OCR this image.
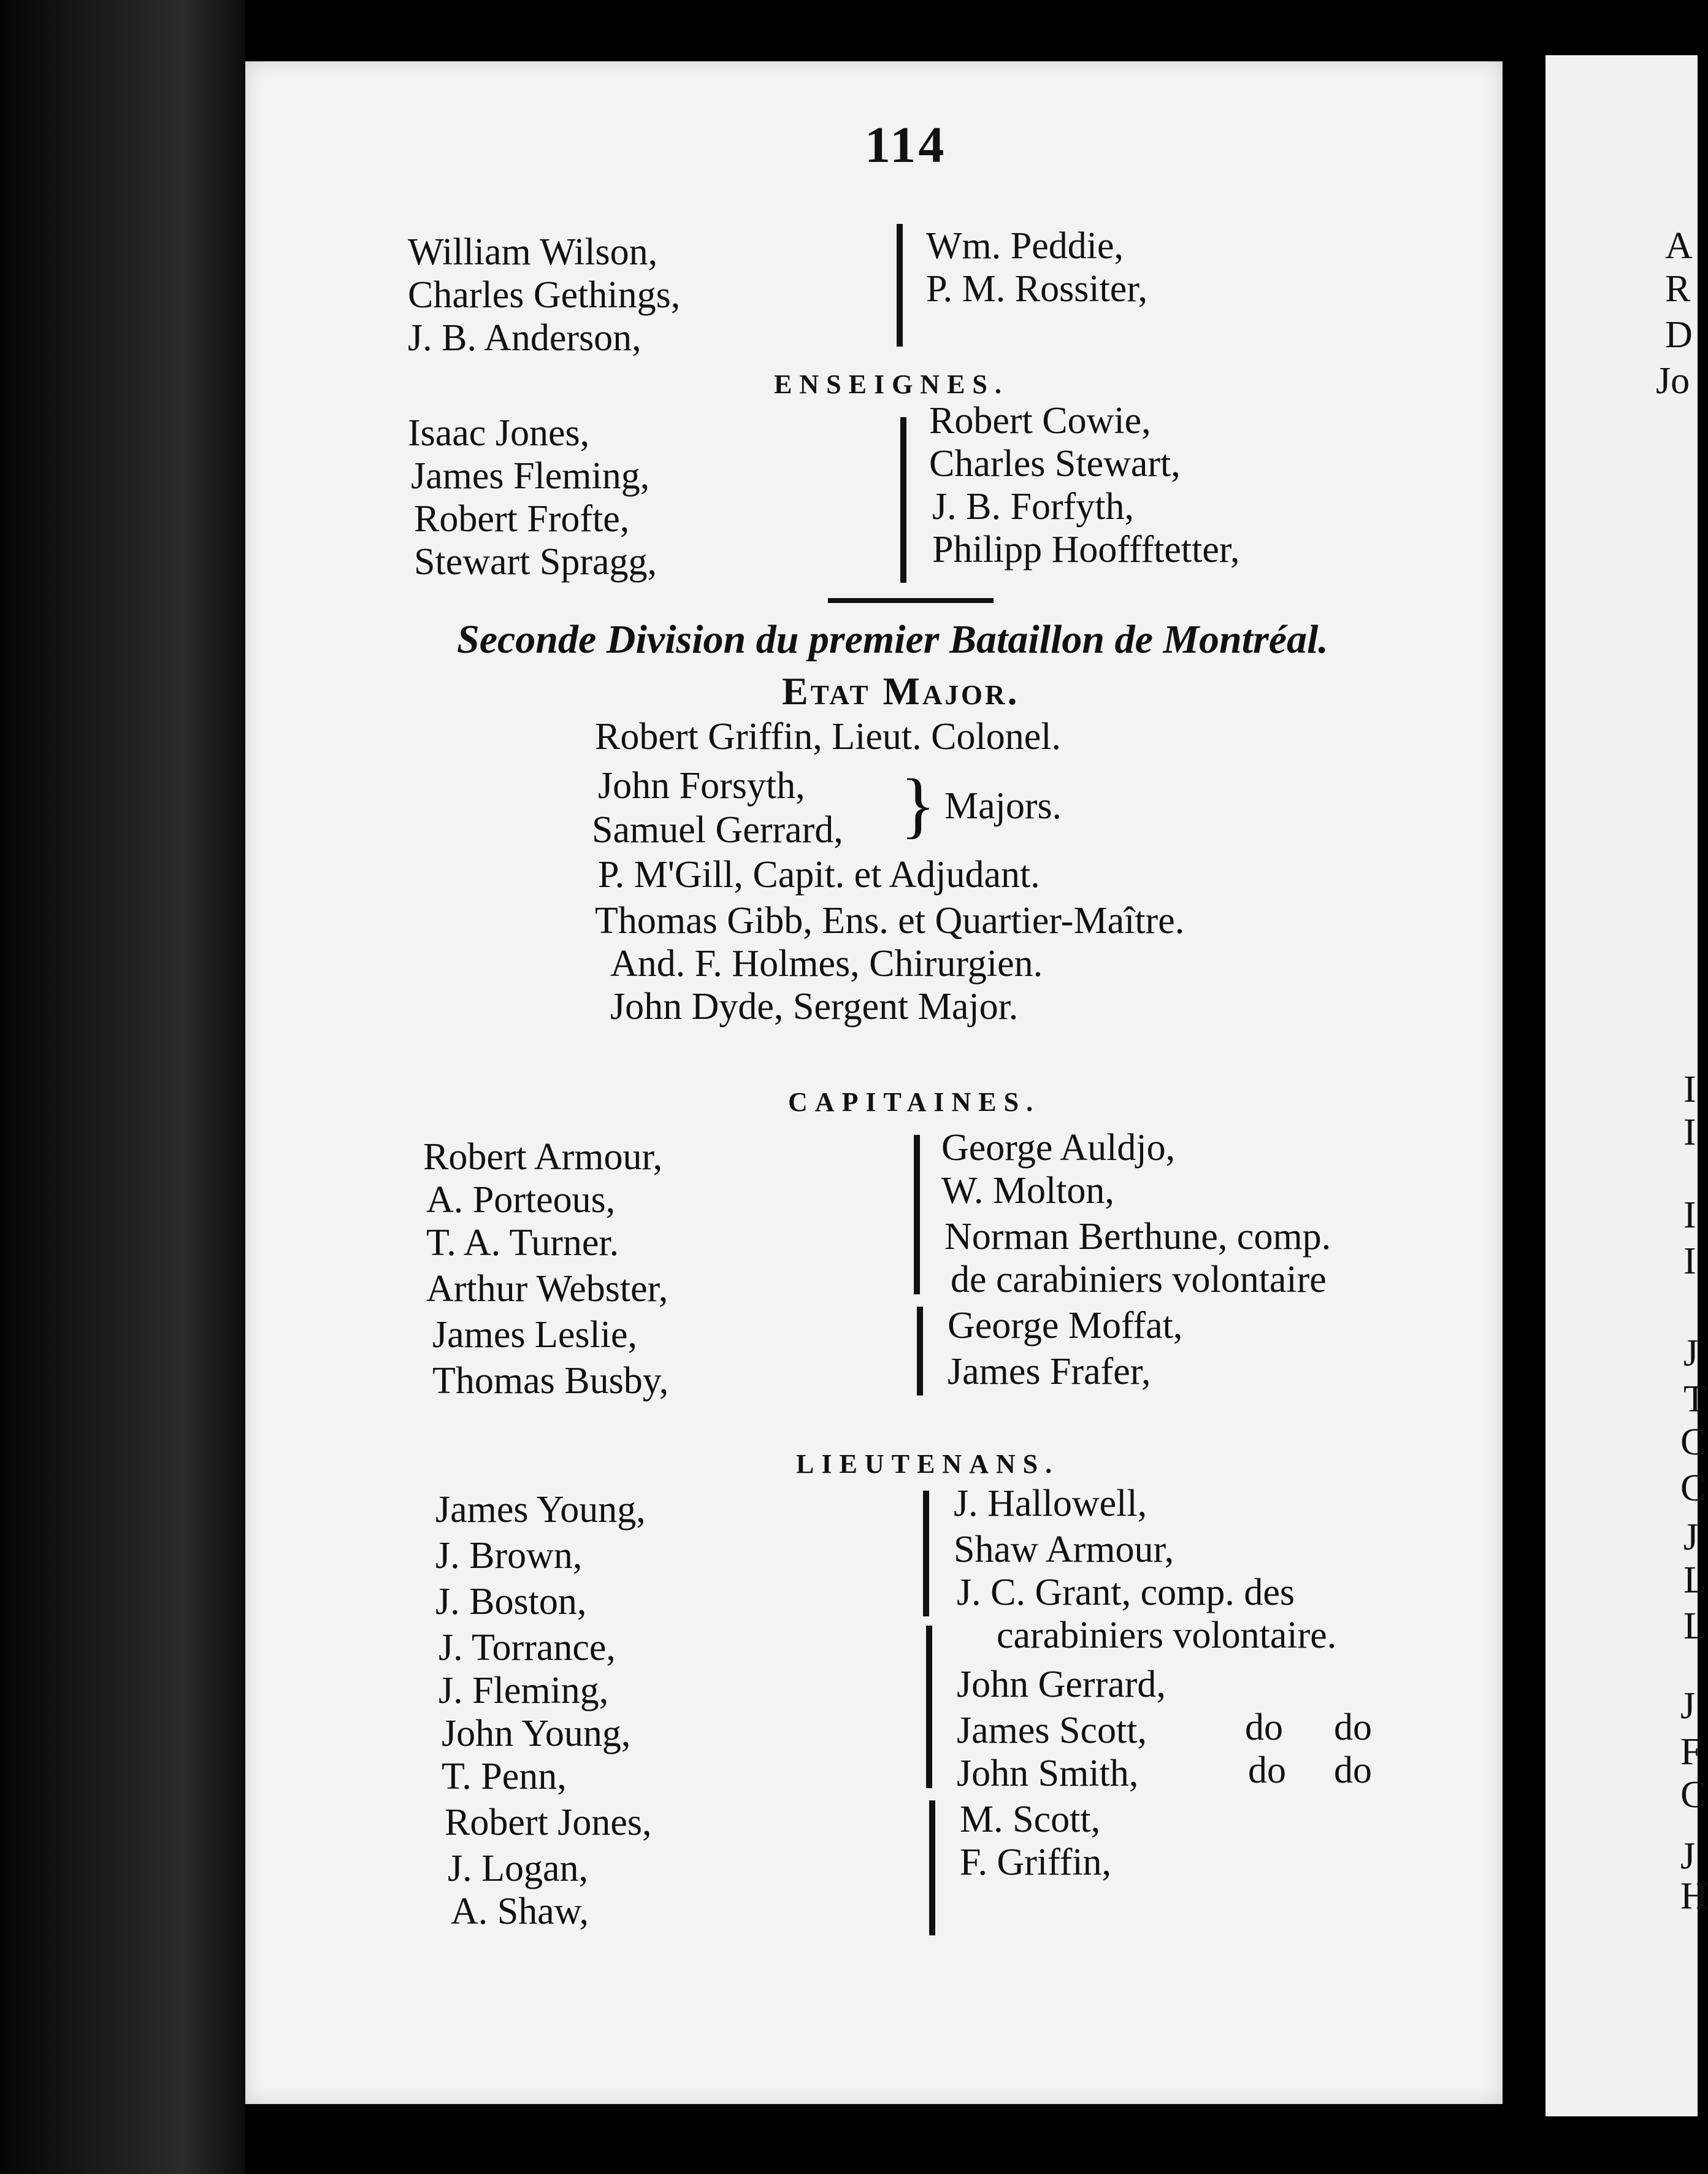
114
William Wilson,
Charles Gethings,
J. B. Anderson,
Wm. Peddie,
P. M. Rossiter,
ENSEIGNES.
Isaac Jones,
James Fleming,
Robert Frofte,
Stewart Spragg,
Robert Cowie,
Charles Stewart,
J. B. Forfyth,
Philipp Hooffftetter,
Seconde Division du premier Bataillon de Montréal.
Etat Major.
Robert Griffin, Lieut. Colonel.
John Forsyth,
Samuel Gerrard, } Majors.
P. M'Gill, Capit. et Adjudant.
Thomas Gibb, Ens. et Quartier-Maître.
And. F. Holmes, Chirurgien.
John Dyde, Sergent Major.
CAPITAINES.
Robert Armour,
A. Porteous,
T. A. Turner.
Arthur Webster,
James Leslie,
Thomas Busby,
George Auldjo,
W. Molton,
Norman Berthune, comp.
de carabiniers volontaire
George Moffat,
James Frafer,
LIEUTENANS.
James Young,
J. Brown,
J. Boston,
J. Torrance,
J. Fleming,
John Young,
T. Penn,
Robert Jones,
J. Logan,
A. Shaw,
J. Hallowell,
Shaw Armour,
J. C. Grant, comp. des
carabiniers volontaire.
John Gerrard,
James Scott,	do do
John Smith,	do do
M. Scott,
F. Griffin,
A
R
D
Jo
I
I
I
I
J
T
C
C
J
L
L
J
F
C
J
H
